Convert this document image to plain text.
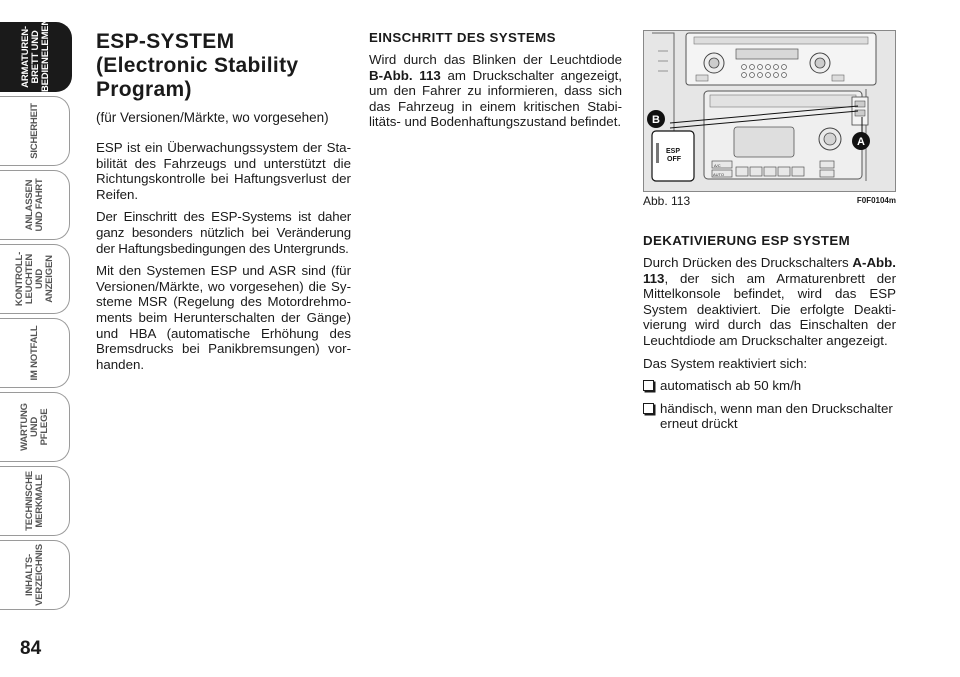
ARMATUREN-
BRETT UND
BEDIENELEMENTE
SICHERHEIT
ANLASSEN
UND FAHRT
KONTROLL-
LEUCHTEN UND
ANZEIGEN
IM NOTFALL
WARTUNG UND
PFLEGE
TECHNISCHE
MERKMALE
INHALTS-
VERZEICHNIS
84
ESP-SYSTEM
(Electronic Stability
Program)

(für Versionen/Märkte, wo vorgesehen)

ESP ist ein Überwachungssystem der Stabilität des Fahrzeugs und unterstützt die Richtungskontrolle bei Haftungsverlust der Reifen.

Der Einschritt des ESP-Systems ist daher ganz besonders nützlich bei Veränderung der Haftungsbedingungen des Untergrunds.

Mit den Systemen ESP und ASR sind (für Versionen/Märkte, wo vorgesehen) die Systeme MSR (Regelung des Motordrehmoments beim Herunterschalten der Gänge) und HBA (automatische Erhöhung des Bremsdrucks bei Panikbremsungen) vorhanden.

EINSCHRITT DES SYSTEMS

Wird durch das Blinken der Leuchtdiode B-Abb. 113 am Druckschalter angezeigt, um den Fahrer zu informieren, dass sich das Fahrzeug in einem kritischen Stabilitäts- und Bodenhaftungszustand befindet.

A/C
AUTO
ESP
OFF
B
A
Abb. 113	F0F0104m
DEKATIVIERUNG ESP SYSTEM

Durch Drücken des Druckschalters A-Abb. 113, der sich am Armaturenbrett der Mittelkonsole befindet, wird das ESP System deaktiviert. Die erfolgte Deaktivierung wird durch das Einschalten der Leuchtdiode am Druckschalter angezeigt.

Das System reaktiviert sich:

automatisch ab 50 km/h
händisch, wenn man den Druckschalter erneut drückt
